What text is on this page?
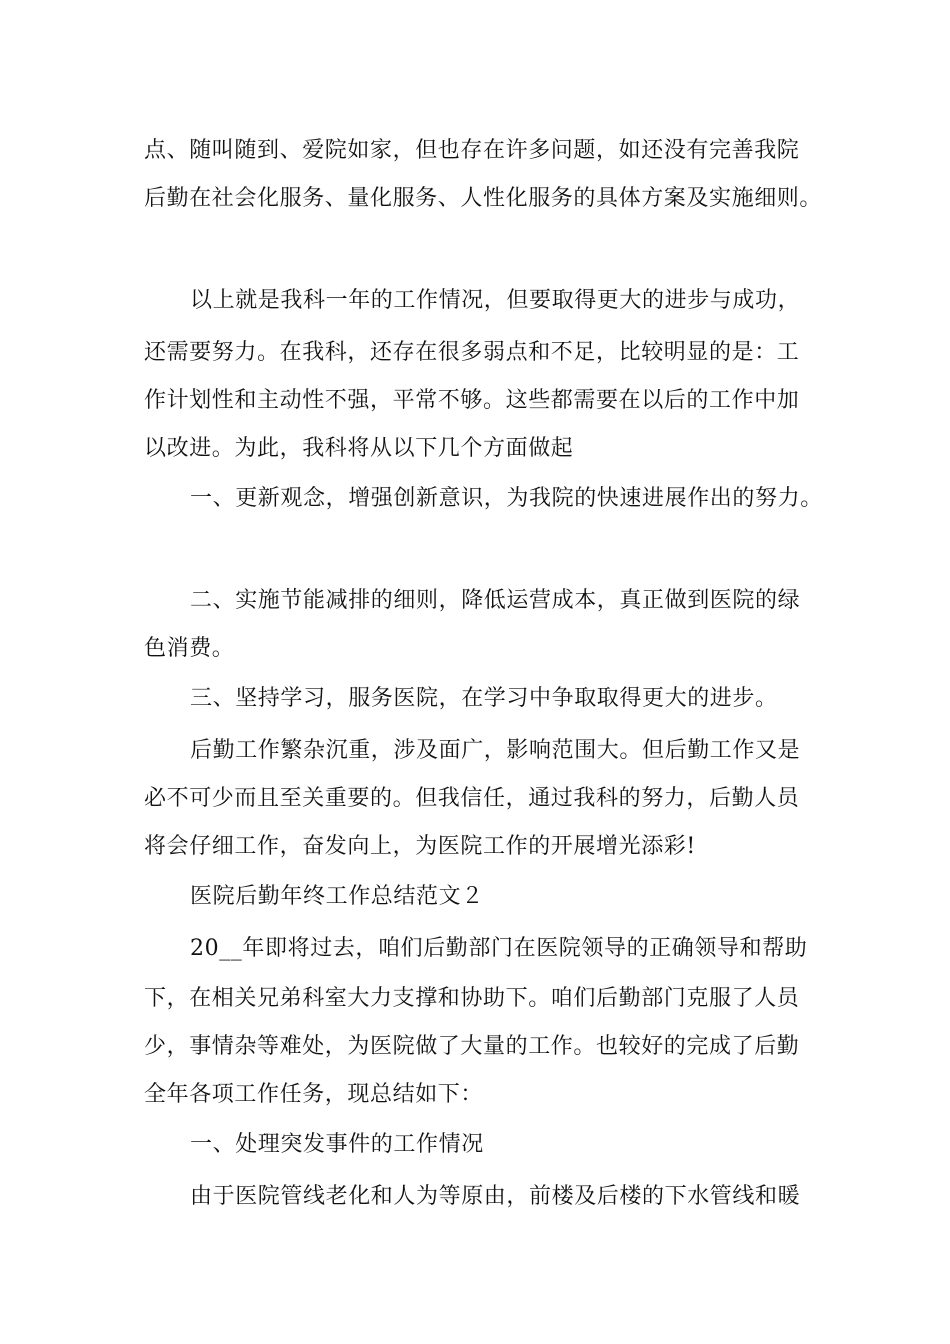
点、随叫随到、爱院如家，但也存在许多问题，如还没有完善我院
后勤在社会化服务、量化服务、人性化服务的具体方案及实施细则。
以上就是我科一年的工作情况，但要取得更大的进步与成功，
还需要努力。在我科，还存在很多弱点和不足，比较明显的是：工
作计划性和主动性不强，平常不够。这些都需要在以后的工作中加
以改进。为此，我科将从以下几个方面做起
一、更新观念，增强创新意识，为我院的快速进展作出的努力。
二、实施节能减排的细则，降低运营成本，真正做到医院的绿
色消费。
三、坚持学习，服务医院，在学习中争取取得更大的进步。
后勤工作繁杂沉重，涉及面广，影响范围大。但后勤工作又是
必不可少而且至关重要的。但我信任，通过我科的努力，后勤人员
将会仔细工作，奋发向上，为医院工作的开展增光添彩!
医院后勤年终工作总结范文２
20__年即将过去，咱们后勤部门在医院领导的正确领导和帮助
下，在相关兄弟科室大力支撑和协助下。咱们后勤部门克服了人员
少，事情杂等难处，为医院做了大量的工作。也较好的完成了后勤
全年各项工作任务，现总结如下：
一、处理突发事件的工作情况
由于医院管线老化和人为等原由，前楼及后楼的下水管线和暖
